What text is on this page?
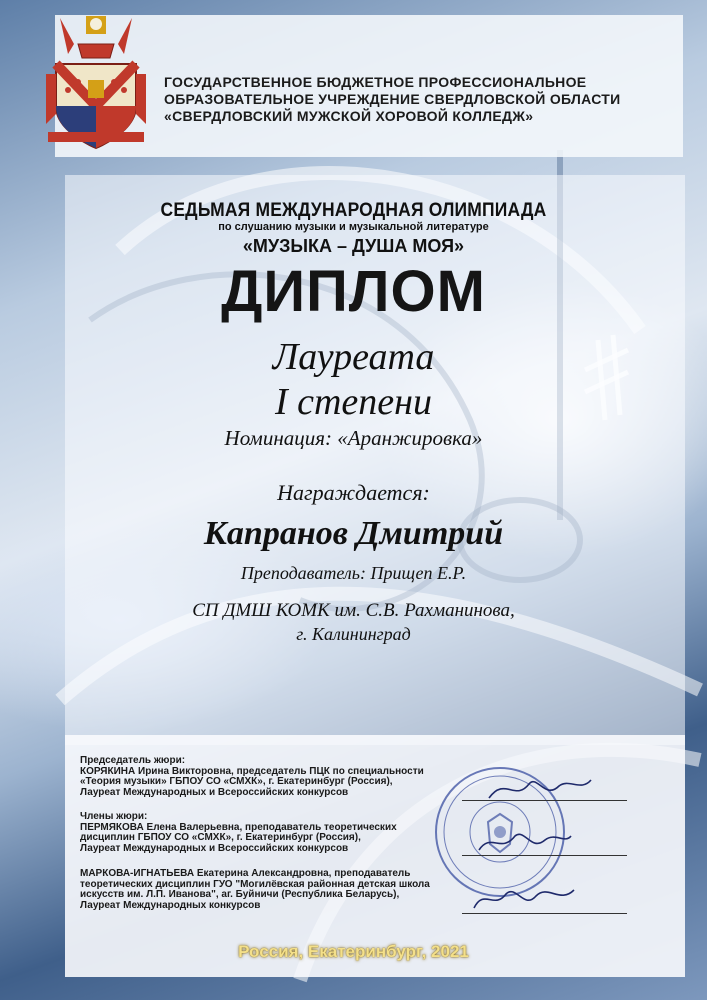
ГОСУДАРСТВЕННОЕ БЮДЖЕТНОЕ ПРОФЕССИОНАЛЬНОЕ
ОБРАЗОВАТЕЛЬНОЕ УЧРЕЖДЕНИЕ СВЕРДЛОВСКОЙ ОБЛАСТИ
«СВЕРДЛОВСКИЙ МУЖСКОЙ ХОРОВОЙ КОЛЛЕДЖ»
СЕДЬМАЯ МЕЖДУНАРОДНАЯ ОЛИМПИАДА
по слушанию музыки и музыкальной литературе
«МУЗЫКА – ДУША МОЯ»
ДИПЛОМ
Лауреата
I степени
Номинация: «Аранжировка»
Награждается:
Капранов Дмитрий
Преподаватель: Прищеп Е.Р.
СП ДМШ КОМК им. С.В. Рахманинова,
г. Калининград
Председатель жюри:
КОРЯКИНА Ирина Викторовна, председатель ПЦК по специальности
«Теория музыки» ГБПОУ СО «СМХК», г. Екатеринбург (Россия),
Лауреат Международных и Всероссийских конкурсов
Члены жюри:
ПЕРМЯКОВА Елена Валерьевна, преподаватель теоретических
дисциплин ГБПОУ СО «СМХК», г. Екатеринбург (Россия),
Лауреат Международных и Всероссийских конкурсов
МАРКОВА-ИГНАТЬЕВА Екатерина Александровна, преподаватель
теоретических дисциплин ГУО "Могилёвская районная детская школа
искусств им. Л.П. Иванова", аг. Буйничи (Республика Беларусь),
Лауреат Международных конкурсов
Россия, Екатеринбург, 2021
